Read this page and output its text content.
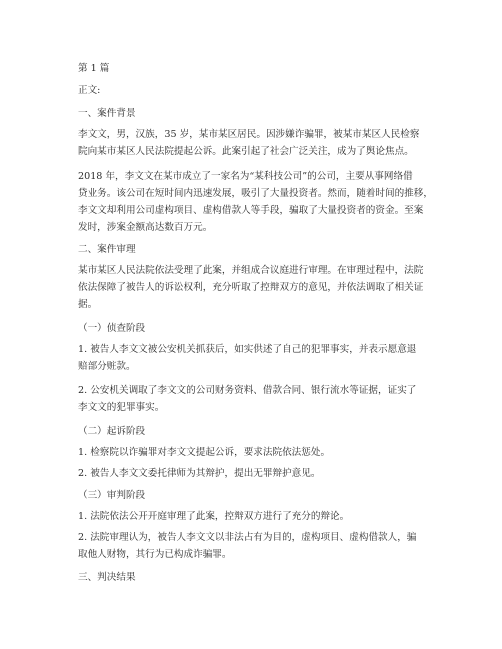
第 1 篇
正文:
一、案件背景
李文文，男，汉族，35 岁，某市某区居民。因涉嫌诈骗罪，被某市某区人民检察
院向某市某区人民法院提起公诉。此案引起了社会广泛关注，成为了舆论焦点。
2018 年，李文文在某市成立了一家名为“某科技公司”的公司，主要从事网络借
贷业务。该公司在短时间内迅速发展，吸引了大量投资者。然而，随着时间的推移，
李文文却利用公司虚构项目、虚构借款人等手段，骗取了大量投资者的资金。至案
发时，涉案金额高达数百万元。
二、案件审理
某市某区人民法院依法受理了此案，并组成合议庭进行审理。在审理过程中，法院
依法保障了被告人的诉讼权利，充分听取了控辩双方的意见，并依法调取了相关证
据。
（一）侦查阶段
1. 被告人李文文被公安机关抓获后，如实供述了自己的犯罪事实，并表示愿意退
赔部分赃款。
2. 公安机关调取了李文文的公司财务资料、借款合同、银行流水等证据，证实了
李文文的犯罪事实。
（二）起诉阶段
1. 检察院以诈骗罪对李文文提起公诉，要求法院依法惩处。
2. 被告人李文文委托律师为其辩护，提出无罪辩护意见。
（三）审判阶段
1. 法院依法公开开庭审理了此案，控辩双方进行了充分的辩论。
2. 法院审理认为，被告人李文文以非法占有为目的，虚构项目、虚构借款人，骗
取他人财物，其行为已构成诈骗罪。
三、判决结果
